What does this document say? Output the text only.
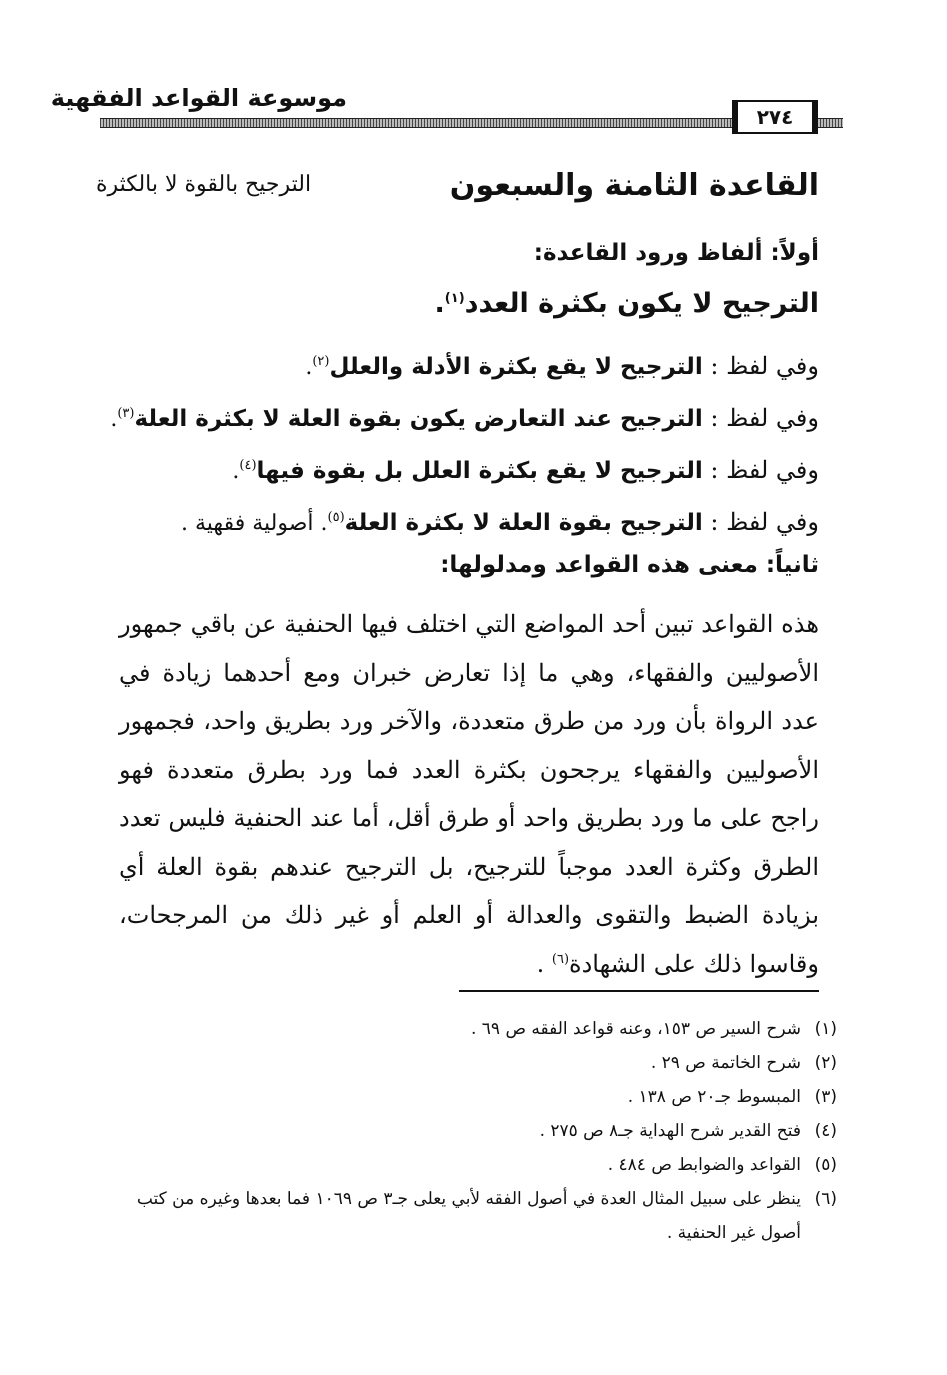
موسوعة القواعد الفقهية
٢٧٤
القاعدة الثامنة والسبعون
الترجيح بالقوة لا بالكثرة
أولاً: ألفاظ ورود القاعدة:
الترجيح لا يكون بكثرة العدد$^{(١)}$.
وفي لفظ : الترجيح لا يقع بكثرة الأدلة والعلل$^{(٢)}$.
وفي لفظ : الترجيح عند التعارض يكون بقوة العلة لا بكثرة العلة$^{(٣)}$.
وفي لفظ : الترجيح لا يقع بكثرة العلل بل بقوة فيها$^{(٤)}$.
وفي لفظ : الترجيح بقوة العلة لا بكثرة العلة$^{(٥)}$. أصولية فقهية .
ثانياً: معنى هذه القواعد ومدلولها:

هذه القواعد تبين أحد المواضع التي اختلف فيها الحنفية عن باقي جمهور الأصوليين والفقهاء، وهي ما إذا تعارض خبران ومع أحدهما زيادة في عدد الرواة بأن ورد من طرق متعددة، والآخر ورد بطريق واحد، فجمهور الأصوليين والفقهاء يرجحون بكثرة العدد فما ورد بطرق متعددة فهو راجح على ما ورد بطريق واحد أو طرق أقل، أما عند الحنفية فليس تعدد الطرق وكثرة العدد موجباً للترجيح، بل الترجيح عندهم بقوة العلة أي بزيادة الضبط والتقوى والعدالة أو العلم أو غير ذلك من المرجحات، وقاسوا ذلك على الشهادة$^{(٦)}$ .

(١)
شرح السير ص ١٥٣، وعنه قواعد الفقه ص ٦٩ .
(٢)
شرح الخاتمة ص ٢٩ .
(٣)
المبسوط جـ٢٠ ص ١٣٨ .
(٤)
فتح القدير شرح الهداية جـ٨ ص ٢٧٥ .
(٥)
القواعد والضوابط ص ٤٨٤ .
(٦)
ينظر على سبيل المثال العدة في أصول الفقه لأبي يعلى جـ٣ ص ١٠٦٩ فما بعدها وغيره من كتب أصول غير الحنفية .
